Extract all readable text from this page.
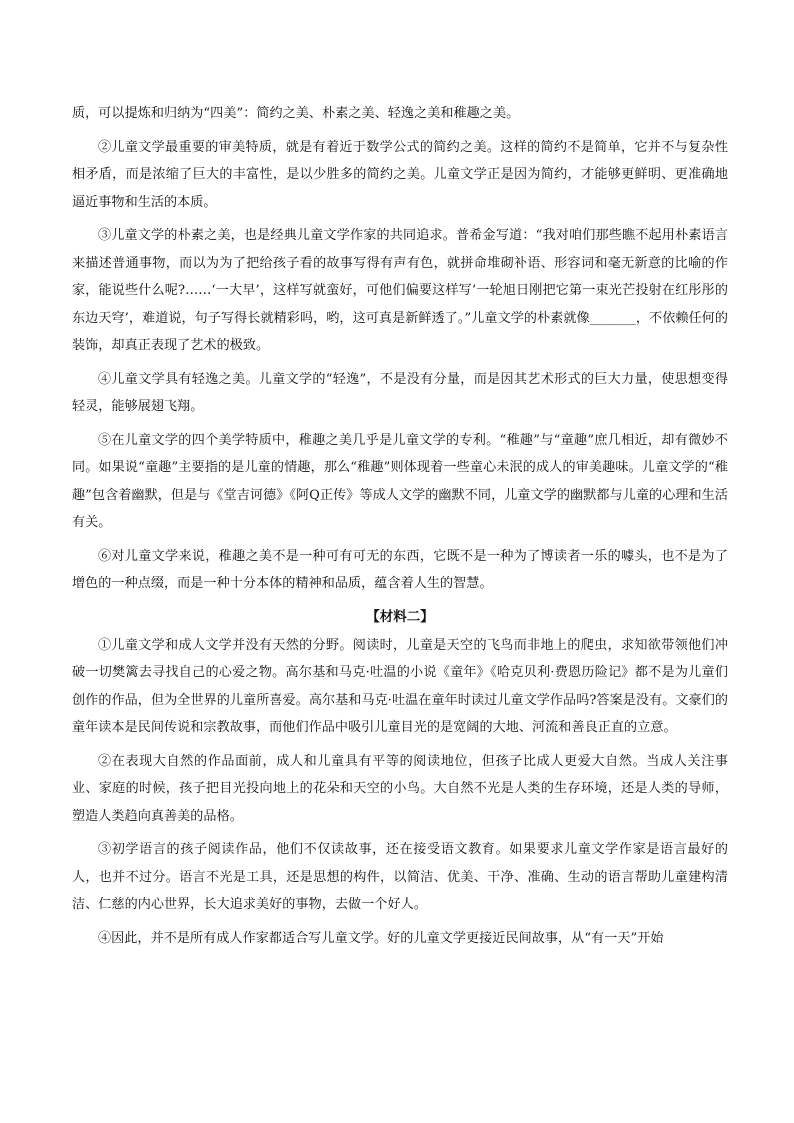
质，可以提炼和归纳为“四美”：简约之美、朴素之美、轻逸之美和稚趣之美。

②儿童文学最重要的审美特质，就是有着近于数学公式的简约之美。这样的简约不是简单，它并不与复杂性相矛盾，而是浓缩了巨大的丰富性，是以少胜多的简约之美。儿童文学正是因为简约，才能够更鲜明、更准确地逼近事物和生活的本质。

③儿童文学的朴素之美，也是经典儿童文学作家的共同追求。普希金写道：“我对咱们那些瞧不起用朴素语言来描述普通事物，而以为为了把给孩子看的故事写得有声有色，就拼命堆砌补语、形容词和毫无新意的比喻的作家，能说些什么呢?……‘一大早’，这样写就蛮好，可他们偏要这样写‘一轮旭日刚把它第一束光芒投射在红彤彤的东边天穹’，难道说，句子写得长就精彩吗，哟，这可真是新鲜透了。”儿童文学的朴素就像_______，不依赖任何的装饰，却真正表现了艺术的极致。

④儿童文学具有轻逸之美。儿童文学的“轻逸”，不是没有分量，而是因其艺术形式的巨大力量，使思想变得轻灵，能够展翅飞翔。

⑤在儿童文学的四个美学特质中，稚趣之美几乎是儿童文学的专利。“稚趣”与“童趣”庶几相近，却有微妙不同。如果说“童趣”主要指的是儿童的情趣，那么“稚趣”则体现着一些童心未泯的成人的审美趣味。儿童文学的“稚趣”包含着幽默，但是与《堂吉诃德》《阿Q正传》等成人文学的幽默不同，儿童文学的幽默都与儿童的心理和生活有关。

⑥对儿童文学来说，稚趣之美不是一种可有可无的东西，它既不是一种为了博读者一乐的噱头，也不是为了增色的一种点缀，而是一种十分本体的精神和品质，蕴含着人生的智慧。

【材料二】

①儿童文学和成人文学并没有天然的分野。阅读时，儿童是天空的飞鸟而非地上的爬虫，求知欲带领他们冲破一切樊篱去寻找自己的心爱之物。高尔基和马克·吐温的小说《童年》《哈克贝利·费恩历险记》都不是为儿童们创作的作品，但为全世界的儿童所喜爱。高尔基和马克·吐温在童年时读过儿童文学作品吗?答案是没有。文豪们的童年读本是民间传说和宗教故事，而他们作品中吸引儿童目光的是宽阔的大地、河流和善良正直的立意。

②在表现大自然的作品面前，成人和儿童具有平等的阅读地位，但孩子比成人更爱大自然。当成人关注事业、家庭的时候，孩子把目光投向地上的花朵和天空的小鸟。大自然不光是人类的生存环境，还是人类的导师，塑造人类趋向真善美的品格。

③初学语言的孩子阅读作品，他们不仅读故事，还在接受语文教育。如果要求儿童文学作家是语言最好的人，也并不过分。语言不光是工具，还是思想的构件，以简洁、优美、干净、准确、生动的语言帮助儿童建构清洁、仁慈的内心世界，长大追求美好的事物，去做一个好人。

④因此，并不是所有成人作家都适合写儿童文学。好的儿童文学更接近民间故事，从“有一天”开始
